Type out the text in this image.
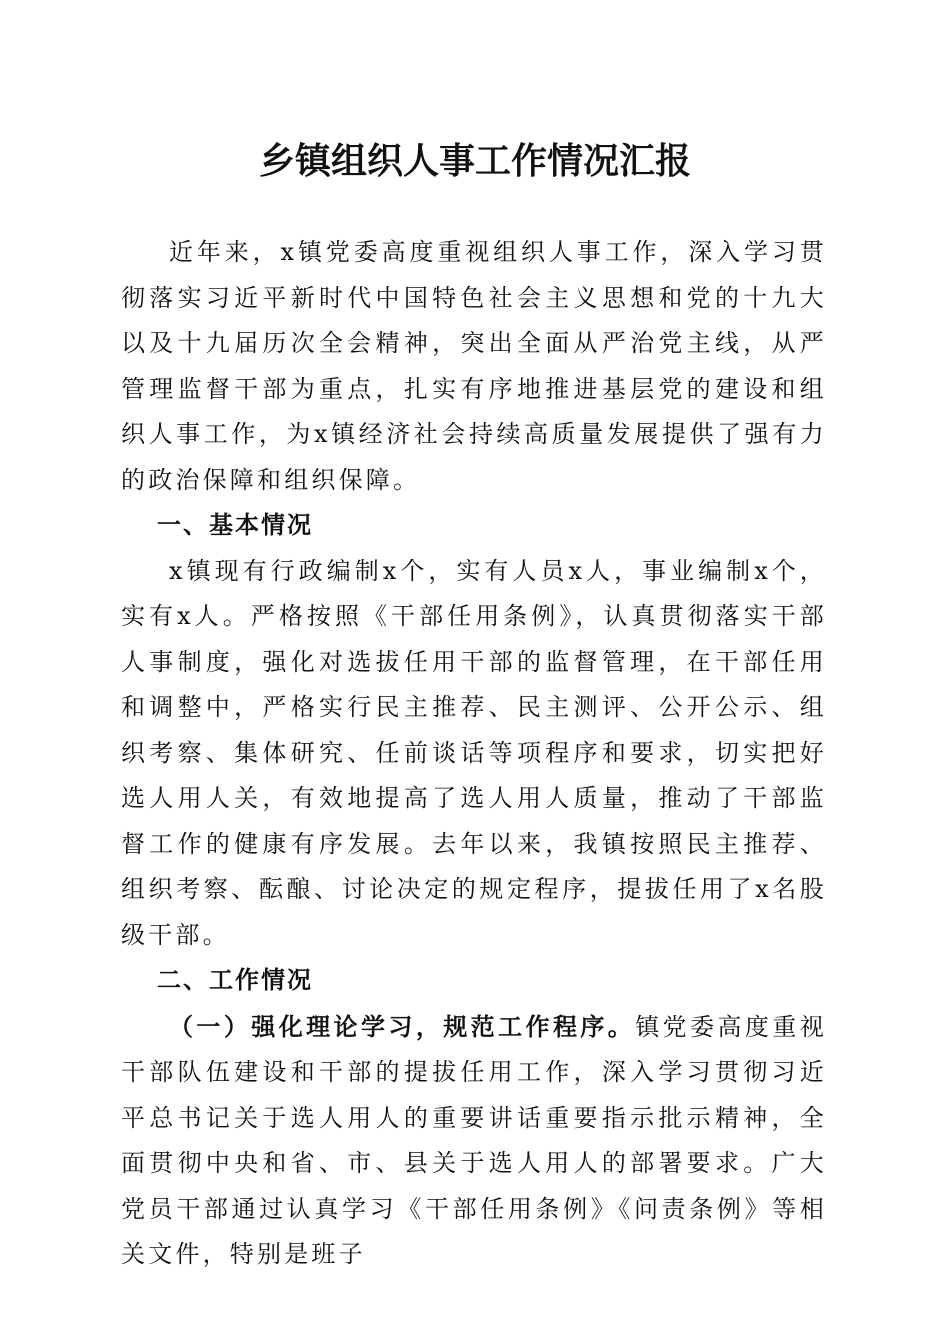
乡镇组织人事工作情况汇报

近年来，x镇党委高度重视组织人事工作，深入学习贯彻落实习近平新时代中国特色社会主义思想和党的十九大以及十九届历次全会精神，突出全面从严治党主线，从严管理监督干部为重点，扎实有序地推进基层党的建设和组织人事工作，为x镇经济社会持续高质量发展提供了强有力的政治保障和组织保障。

一、基本情况

x镇现有行政编制x个，实有人员x人，事业编制x个，实有x人。严格按照《干部任用条例》，认真贯彻落实干部人事制度，强化对选拔任用干部的监督管理，在干部任用和调整中，严格实行民主推荐、民主测评、公开公示、组织考察、集体研究、任前谈话等项程序和要求，切实把好选人用人关，有效地提高了选人用人质量，推动了干部监督工作的健康有序发展。去年以来，我镇按照民主推荐、组织考察、酝酿、讨论决定的规定程序，提拔任用了x名股级干部。

二、工作情况

（一）强化理论学习，规范工作程序。镇党委高度重视干部队伍建设和干部的提拔任用工作，深入学习贯彻习近平总书记关于选人用人的重要讲话重要指示批示精神，全面贯彻中央和省、市、县关于选人用人的部署要求。广大党员干部通过认真学习《干部任用条例》《问责条例》等相关文件，特别是班子
